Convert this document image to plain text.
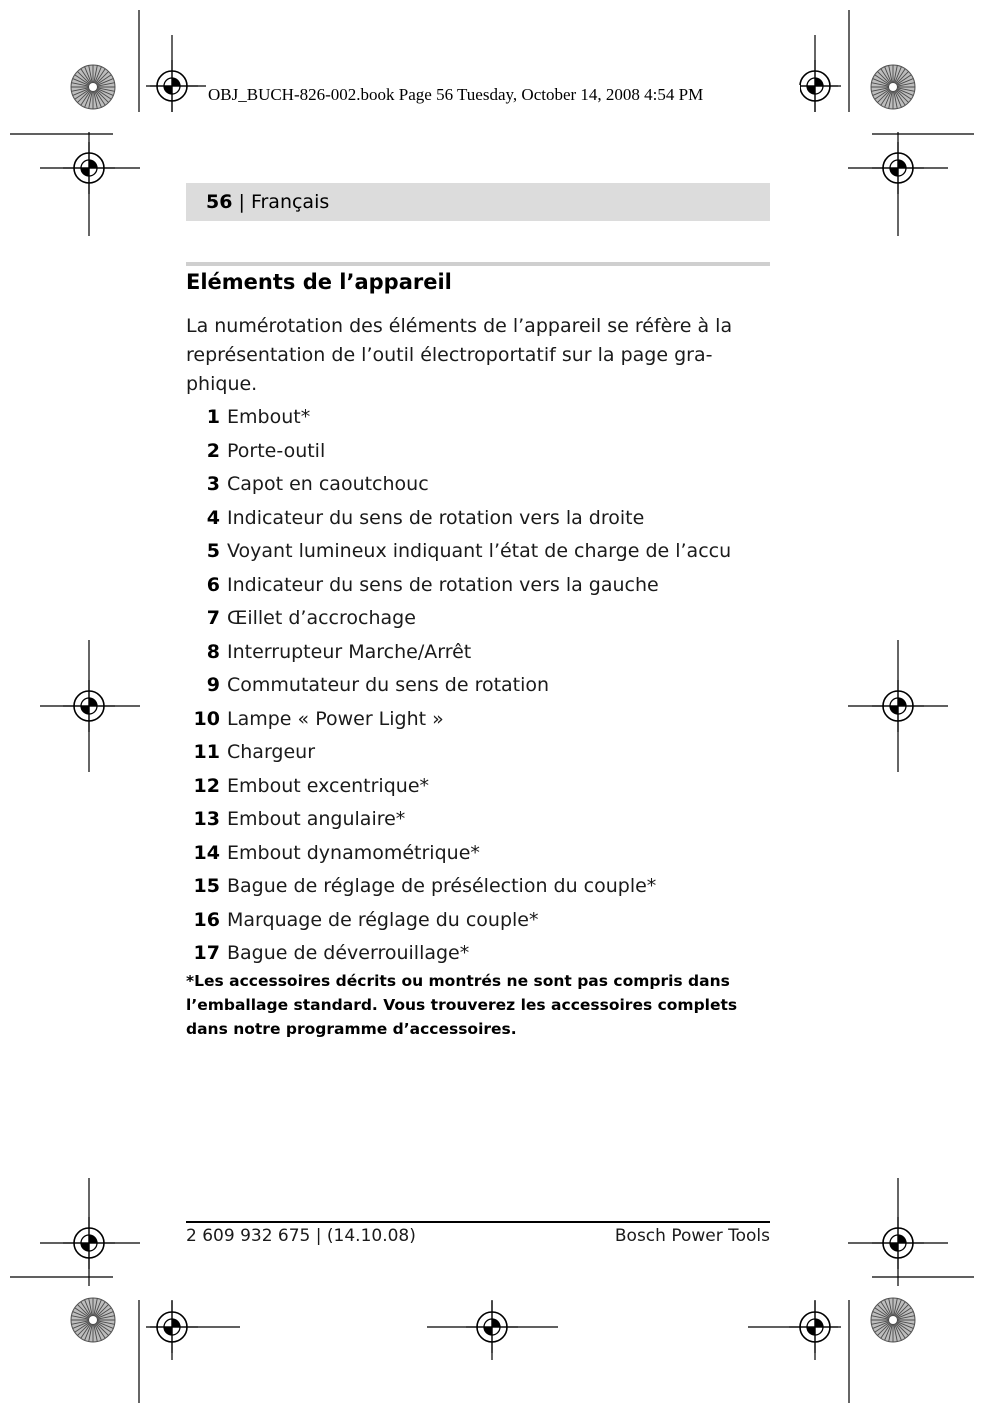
OBJ_BUCH-826-002.book Page 56 Tuesday, October 14, 2008 4:54 PM
56 | Français
Eléments de l’appareil
La numérotation des éléments de l’appareil se réfère à la représentation de l’outil électroportatif sur la page gra-phique.
1 Embout*
2 Porte-outil
3 Capot en caoutchouc
4 Indicateur du sens de rotation vers la droite
5 Voyant lumineux indiquant l’état de charge de l’accu
6 Indicateur du sens de rotation vers la gauche
7 Œillet d’accrochage
8 Interrupteur Marche/Arrêt
9 Commutateur du sens de rotation
10 Lampe « Power Light »
11 Chargeur
12 Embout excentrique*
13 Embout angulaire*
14 Embout dynamométrique*
15 Bague de réglage de présélection du couple*
16 Marquage de réglage du couple*
17 Bague de déverrouillage*
*Les accessoires décrits ou montrés ne sont pas compris dans l’emballage standard. Vous trouverez les accessoires complets dans notre programme d’accessoires.
2 609 932 675 | (14.10.08)	Bosch Power Tools
